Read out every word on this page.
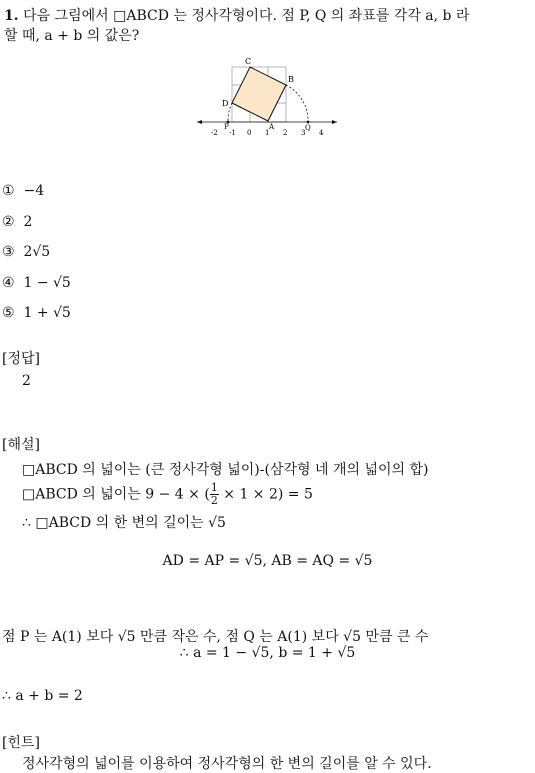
1. 다음 그림에서 □ABCD 는 정사각형이다. 점 P, Q 의 좌표를 각각 a, b 라
할 때, a + b 의 값은?
C
B
D
A
P	Q
-2 -1 0 1 2 3 4
① −4
② 2
③ 2√5
④ 1 − √5
⑤ 1 + √5
[정답]
2
[해설]
□ABCD 의 넓이는 (큰 정사각형 넓이)-(삼각형 네 개의 넓이의 합)
□ABCD 의 넓이는 9 − 4 × ( $\frac{1}{2} \times 1 \times 2) = 5$
∴ □ABCD 의 한 변의 길이는 √5
AD = AP = √5, AB = AQ = √5
점 P 는 A(1) 보다 √5 만큼 작은 수, 점 Q 는 A(1) 보다 √5 만큼 큰 수
∴ a = 1 − √5, b = 1 + √5
∴ a + b = 2
[힌트]
정사각형의 넓이를 이용하여 정사각형의 한 변의 길이를 알 수 있다.
